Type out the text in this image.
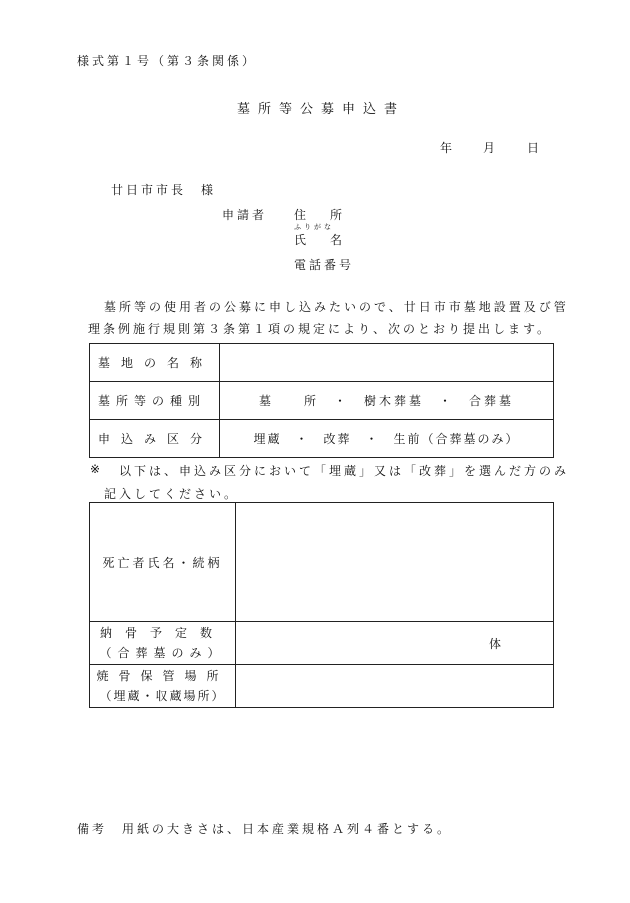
様式第１号（第３条関係）
墓所等公募申込書
年	月	日
廿日市市長　様
申請者 住　　所
ふりがな
氏　　名
電話番号
墓所等の使用者の公募に申し込みたいので、廿日市市墓地設置及び管
理条例施行規則第３条第１項の規定により、次のとおり提出します。
墓地の名称	
墓所等の種別	墓　　所　・　樹木葬墓　・　合葬墓
申込み区分	埋蔵　・　改葬　・　生前（合葬墓のみ）
※ 以下は、申込み区分において「埋蔵」又は「改葬」を選んだ方のみ
記入してください。
死亡者氏名・続柄	

納骨予定数
（合葬墓のみ）	体

焼骨保管場所
（埋蔵・収蔵場所）	

備考　用紙の大きさは、日本産業規格Ａ列４番とする。
